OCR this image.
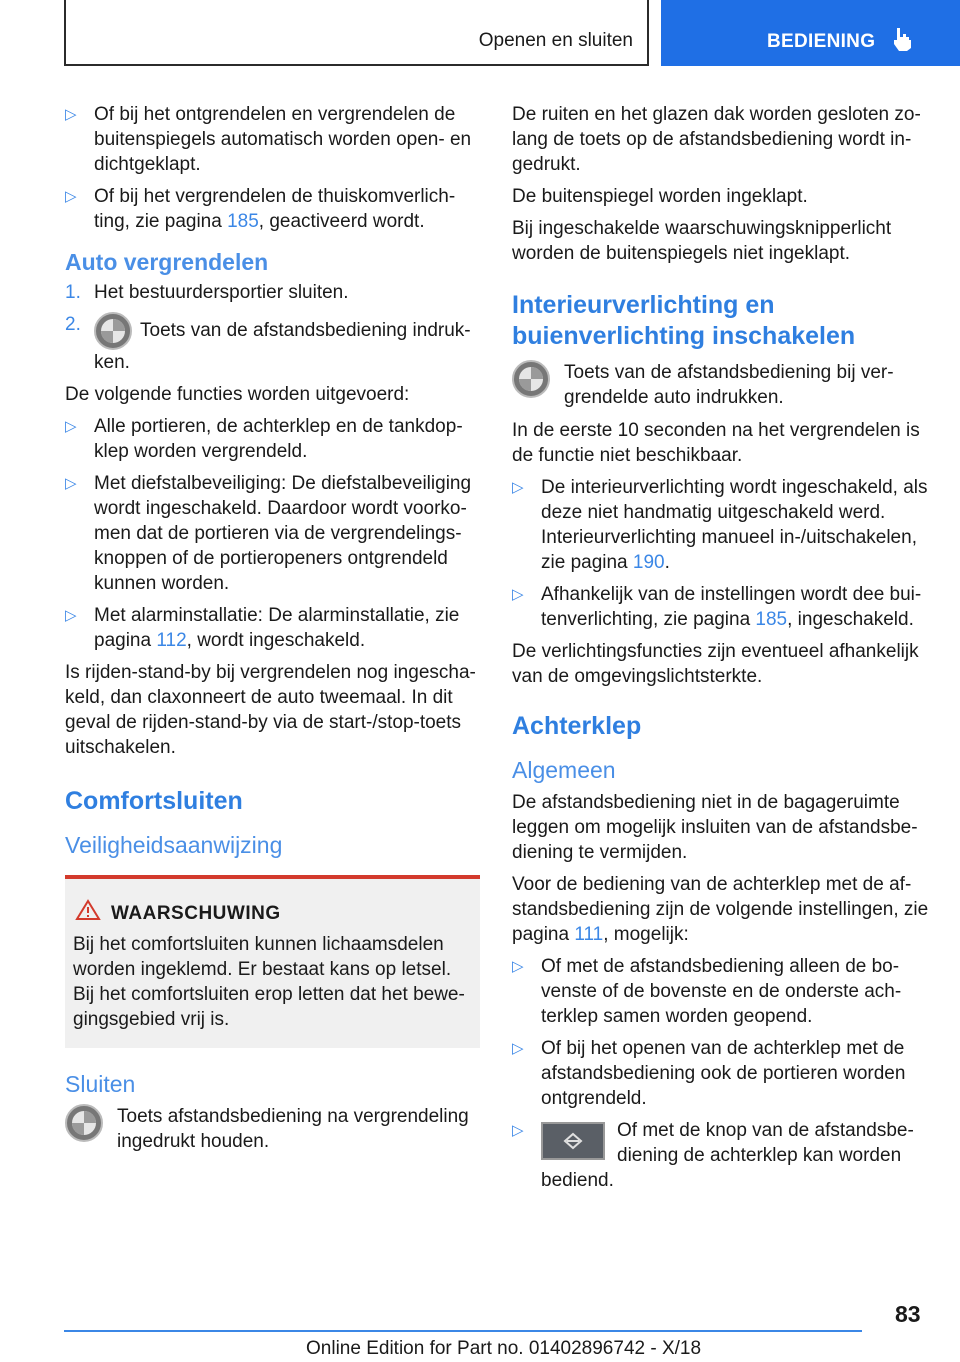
Openen en sluiten	BEDIENING
▷ Of bij het ontgrendelen en vergrendelen de buitenspiegels automatisch worden open- en dichtgeklapt.
▷ Of bij het vergrendelen de thuiskomverlichting, zie pagina 185, geactiveerd wordt.
Auto vergrendelen
1. Het bestuurdersportier sluiten.
2.	Toets van de afstandsbediening indrukken.

De volgende functies worden uitgevoerd:

▷ Alle portieren, de achterklep en de tankdopklep worden vergrendeld.
▷ Met diefstalbeveiliging: De diefstalbeveiliging wordt ingeschakeld. Daardoor wordt voorkomen dat de portieren via de vergrendelingsknoppen of de portieropeners ontgrendeld kunnen worden.
▷ Met alarminstallatie: De alarminstallatie, zie pagina 112, wordt ingeschakeld.

Is rijden-stand-by bij vergrendelen nog ingeschakeld, dan claxonneert de auto tweemaal. In dit geval de rijden-stand-by via de start-/stop-toets uitschakelen.

Comfortsluiten
Veiligheidsaanwijzing
WAARSCHUWING

Bij het comfortsluiten kunnen lichaamsdelen worden ingeklemd. Er bestaat kans op letsel. Bij het comfortsluiten erop letten dat het bewegingsgebied vrij is.

Sluiten
Toets afstandsbediening na vergrendeling ingedrukt houden.

De ruiten en het glazen dak worden gesloten zolang de toets op de afstandsbediening wordt ingedrukt.

De buitenspiegel worden ingeklapt.

Bij ingeschakelde waarschuwingsknipperlicht worden de buitenspiegels niet ingeklapt.

Interieurverlichting en buienverlichting inschakelen
Toets van de afstandsbediening bij vergrendelde auto indrukken.

In de eerste 10 seconden na het vergrendelen is de functie niet beschikbaar.

▷ De interieurverlichting wordt ingeschakeld, als deze niet handmatig uitgeschakeld werd. Interieurverlichting manueel in-/uitschakelen, zie pagina 190.
▷ Afhankelijk van de instellingen wordt dee buitenverlichting, zie pagina 185, ingeschakeld.

De verlichtingsfuncties zijn eventueel afhankelijk van de omgevingslichtsterkte.

Achterklep
Algemeen

De afstandsbediening niet in de bagageruimte leggen om mogelijk insluiten van de afstandsbediening te vermijden.

Voor de bediening van de achterklep met de afstandsbediening zijn de volgende instellingen, zie pagina 111, mogelijk:

▷ Of met de afstandsbediening alleen de bovenste of de bovenste en de onderste achterklep samen worden geopend.
▷ Of bij het openen van de achterklep met de afstandsbediening ook de portieren worden ontgrendeld.
▷	Of met de knop van de afstandsbediening de achterklep kan worden bediend.
83
Online Edition for Part no. 01402896742 - X/18
